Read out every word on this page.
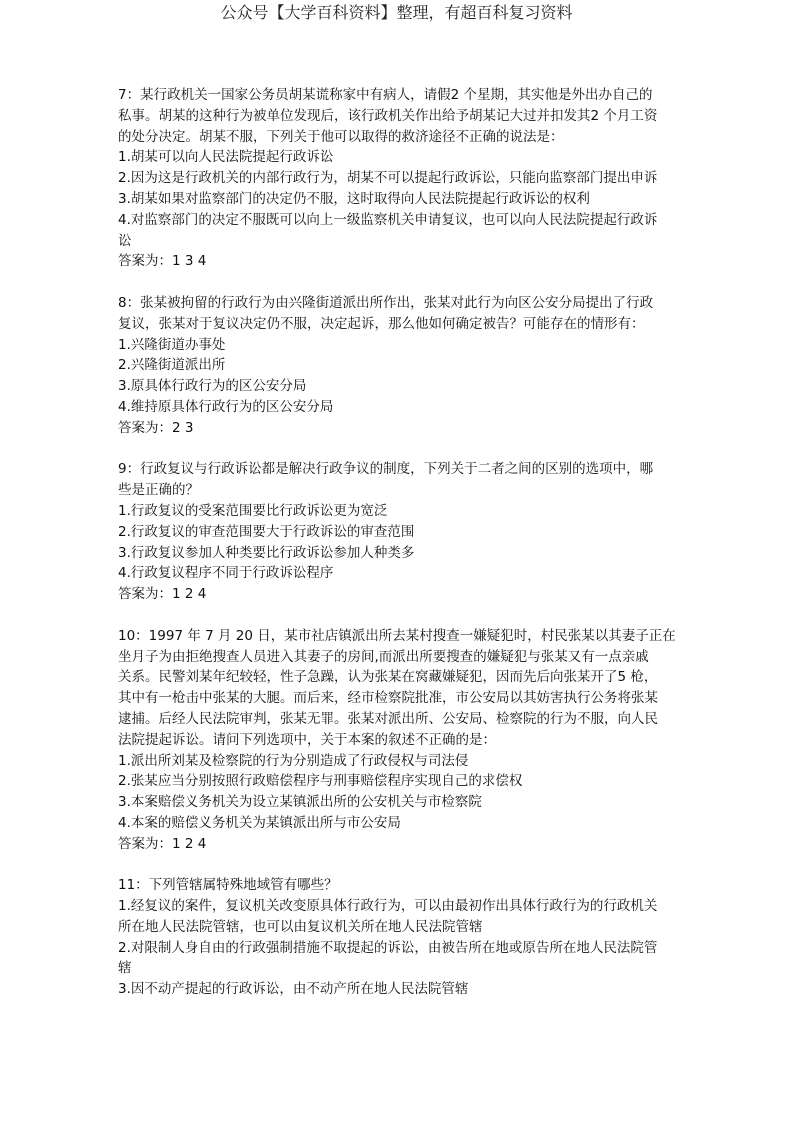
公众号【大学百科资料】整理，有超百科复习资料
7：某行政机关一国家公务员胡某谎称家中有病人，请假2 个星期，其实他是外出办自己的
私事。胡某的这种行为被单位发现后，该行政机关作出给予胡某记大过并扣发其2 个月工资
的处分决定。胡某不服，下列关于他可以取得的救济途径不正确的说法是：
1.胡某可以向人民法院提起行政诉讼
2.因为这是行政机关的内部行政行为，胡某不可以提起行政诉讼，只能向监察部门提出申诉
3.胡某如果对监察部门的决定仍不服，这时取得向人民法院提起行政诉讼的权利
4.对监察部门的决定不服既可以向上一级监察机关申请复议，也可以向人民法院提起行政诉
讼
答案为：1 3 4
8：张某被拘留的行政行为由兴隆街道派出所作出，张某对此行为向区公安分局提出了行政
复议，张某对于复议决定仍不服，决定起诉，那么他如何确定被告？可能存在的情形有：
1.兴隆街道办事处
2.兴隆街道派出所
3.原具体行政行为的区公安分局
4.维持原具体行政行为的区公安分局
答案为：2 3
9：行政复议与行政诉讼都是解决行政争议的制度，下列关于二者之间的区别的选项中，哪
些是正确的？
1.行政复议的受案范围要比行政诉讼更为宽泛
2.行政复议的审查范围要大于行政诉讼的审查范围
3.行政复议参加人种类要比行政诉讼参加人种类多
4.行政复议程序不同于行政诉讼程序
答案为：1 2 4
10：1997 年 7 月 20 日，某市社店镇派出所去某村搜查一嫌疑犯时，村民张某以其妻子正在
坐月子为由拒绝搜查人员进入其妻子的房间,而派出所要搜查的嫌疑犯与张某又有一点亲戚
关系。民警刘某年纪较轻，性子急躁，认为张某在窝藏嫌疑犯，因而先后向张某开了5 枪，
其中有一枪击中张某的大腿。而后来，经市检察院批准，市公安局以其妨害执行公务将张某
逮捕。后经人民法院审判，张某无罪。张某对派出所、公安局、检察院的行为不服，向人民
法院提起诉讼。请问下列选项中，关于本案的叙述不正确的是：
1.派出所刘某及检察院的行为分别造成了行政侵权与司法侵
2.张某应当分别按照行政赔偿程序与刑事赔偿程序实现自己的求偿权
3.本案赔偿义务机关为设立某镇派出所的公安机关与市检察院
4.本案的赔偿义务机关为某镇派出所与市公安局
答案为：1 2 4
11：下列管辖属特殊地域管有哪些？
1.经复议的案件，复议机关改变原具体行政行为，可以由最初作出具体行政行为的行政机关
所在地人民法院管辖，也可以由复议机关所在地人民法院管辖
2.对限制人身自由的行政强制措施不取提起的诉讼，由被告所在地或原告所在地人民法院管
辖
3.因不动产提起的行政诉讼，由不动产所在地人民法院管辖
